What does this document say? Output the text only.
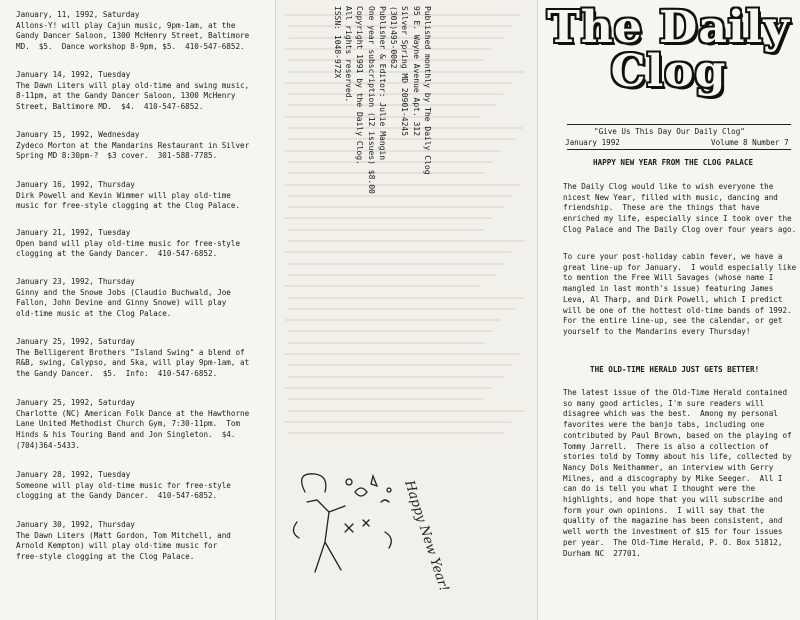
January, 11, 1992, Saturday
Allons-Y! will play Cajun music, 9pm-1am, at the
Gandy Dancer Saloon, 1300 McHenry Street, Baltimore
MD.  $5.  Dance workshop 8-9pm, $5.  410-547-6852.
January 14, 1992, Tuesday
The Dawn Liters will play old-time and swing music,
8-11pm, at the Gandy Dancer Saloon, 1300 McHenry
Street, Baltimore MD.  $4.  410-547-6852.
January 15, 1992, Wednesday
Zydeco Morton at the Mandarins Restaurant in Silver
Spring MD 8:30pm-?  $3 cover.  301-588-7785.
January 16, 1992, Thursday
Dirk Powell and Kevin Wimmer will play old-time
music for free-style clogging at the Clog Palace.
January 21, 1992, Tuesday
Open band will play old-time music for free-style
clogging at the Gandy Dancer.  410-547-6852.
January 23, 1992, Thursday
Ginny and the Snowe Jobs (Claudio Buchwald, Joe
Fallon, John Devine and Ginny Snowe) will play
old-time music at the Clog Palace.
January 25, 1992, Saturday
The Belligerent Brothers "Island Swing" a blend of
R&B, swing, Calypso, and Ska, will play 9pm-1am, at
the Gandy Dancer.  $5.  Info:  410-547-6852.
January 25, 1992, Saturday
Charlotte (NC) American Folk Dance at the Hawthorne
Lane United Methodist Church Gym, 7:30-11pm.  Tom
Hinds & his Touring Band and Jon Singleton.  $4.
(704)364-5433.
January 28, 1992, Tuesday
Someone will play old-time music for free-style
clogging at the Gandy Dancer.  410-547-6852.
January 30, 1992, Thursday
The Dawn Liters (Matt Gordon, Tom Mitchell, and
Arnold Kempton) will play old-time music for
free-style clogging at the Clog Palace.
Published monthly by The Daily Clog
95 E. Wayne Avenue Apt. 312
Silver Spring MD 20901-4245
(301)495-0062
Publisher & Editor: Julie Mangin
One year subscription (12 issues) $8.00
Copyright 1991 by the Daily Clog.
All rights reserved.
ISSN: 1048-972X
Happy New Year!
The Daily
Clog
"Give Us This Day Our Daily Clog"
January 1992	Volume 8 Number 7
HAPPY NEW YEAR FROM THE CLOG PALACE
The Daily Clog would like to wish everyone the
nicest New Year, filled with music, dancing and
friendship.  These are the things that have
enriched my life, especially since I took over the
Clog Palace and The Daily Clog over four years ago.
To cure your post-holiday cabin fever, we have a
great line-up for January.  I would especially like
to mention the Free Will Savages (whose name I
mangled in last month's issue) featuring James
Leva, Al Tharp, and Dirk Powell, which I predict
will be one of the hottest old-time bands of 1992.
For the entire line-up, see the calendar, or get
yourself to the Mandarins every Thursday!
THE OLD-TIME HERALD JUST GETS BETTER!
The latest issue of the Old-Time Herald contained
so many good articles, I'm sure readers will
disagree which was the best.  Among my personal
favorites were the banjo tabs, including one
contributed by Paul Brown, based on the playing of
Tommy Jarrell.  There is also a collection of
stories told by Tommy about his life, collected by
Nancy Dols Neithammer, an interview with Gerry
Milnes, and a discography by Mike Seeger.  All I
can do is tell you what I thought were the
highlights, and hope that you will subscribe and
form your own opinions.  I will say that the
quality of the magazine has been consistent, and
well worth the investment of $15 for four issues
per year.  The Old-Time Herald, P. O. Box 51812,
Durham NC  27701.
